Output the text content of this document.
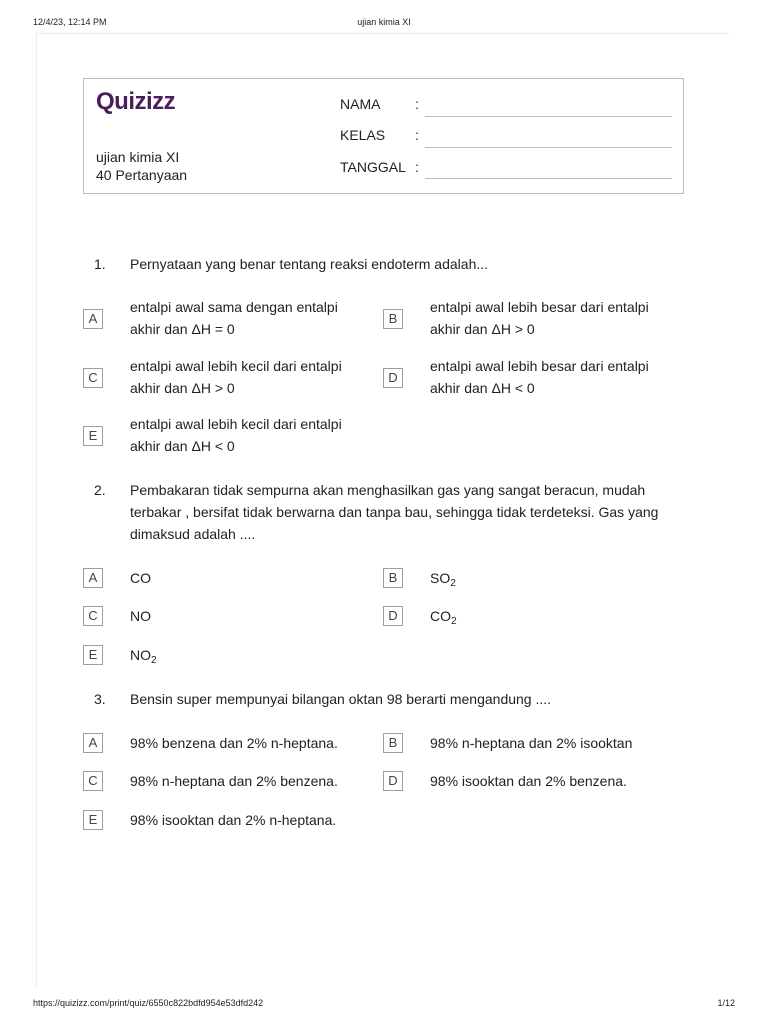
12/4/23, 12:14 PM	ujian kimia XI
Quizizz
ujian kimia XI
40 Pertanyaan
NAMA :
KELAS :
TANGGAL :
1. Pernyataan yang benar tentang reaksi endoterm adalah...
A
entalpi awal sama dengan entalpi akhir dan ΔH = 0
B
entalpi awal lebih besar dari entalpi akhir dan ΔH > 0
C
entalpi awal lebih kecil dari entalpi akhir dan ΔH > 0
D
entalpi awal lebih besar dari entalpi akhir dan ΔH < 0
E
entalpi awal lebih kecil dari entalpi akhir dan ΔH < 0
2. Pembakaran tidak sempurna akan menghasilkan gas yang sangat beracun, mudah terbakar , bersifat tidak berwarna dan tanpa bau, sehingga tidak terdeteksi. Gas yang dimaksud adalah ....
A	CO	B	$SO_2$
C	NO	D	$CO_2$
E	$NO_2$
3. Bensin super mempunyai bilangan oktan 98 berarti mengandung ....
A	98% benzena dan 2% n-heptana.	B	98% n-heptana dan 2% isooktan
C	98% n-heptana dan 2% benzena.	D	98% isooktan dan 2% benzena.
E	98% isooktan dan 2% n-heptana.
https://quizizz.com/print/quiz/6550c822bdfd954e53dfd242	1/12
